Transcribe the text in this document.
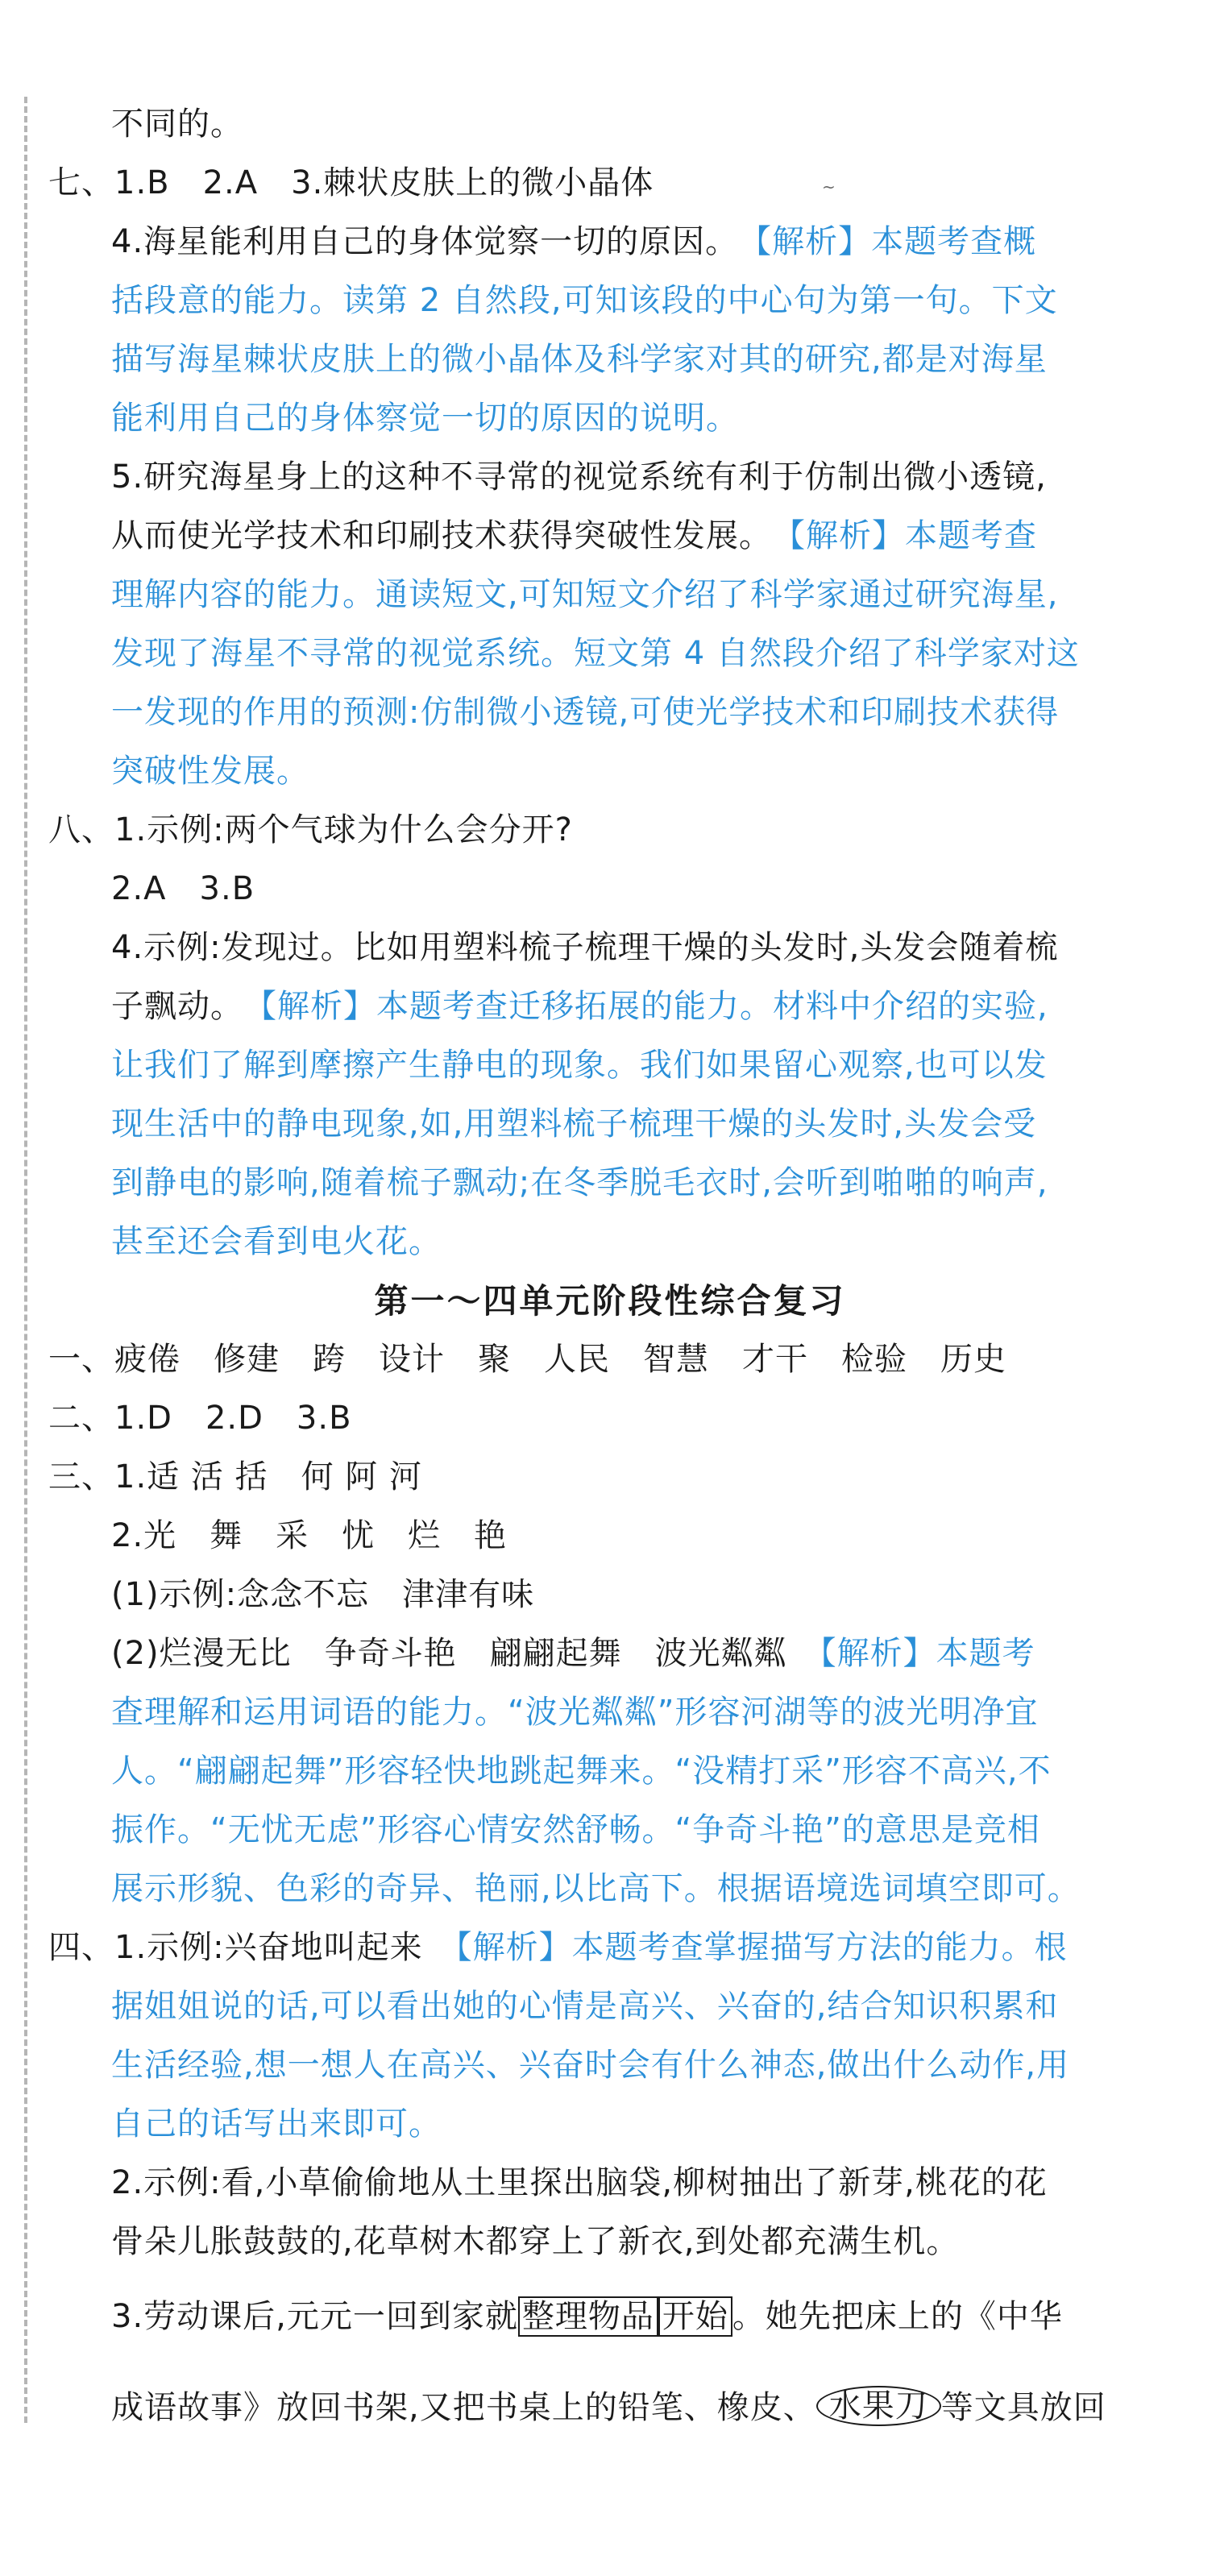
~
不同的。
七、1.B　2.A　3.棘状皮肤上的微小晶体
4.海星能利用自己的身体觉察一切的原因。　【解析】本题考查概
括段意的能力。读第 2 自然段,可知该段的中心句为第一句。下文
描写海星棘状皮肤上的微小晶体及科学家对其的研究,都是对海星
能利用自己的身体察觉一切的原因的说明。
5.研究海星身上的这种不寻常的视觉系统有利于仿制出微小透镜,
从而使光学技术和印刷技术获得突破性发展。　【解析】本题考查
理解内容的能力。通读短文,可知短文介绍了科学家通过研究海星,
发现了海星不寻常的视觉系统。短文第 4 自然段介绍了科学家对这
一发现的作用的预测:仿制微小透镜,可使光学技术和印刷技术获得
突破性发展。
八、1.示例:两个气球为什么会分开?
2.A　3.B
4.示例:发现过。比如用塑料梳子梳理干燥的头发时,头发会随着梳
子飘动。　【解析】本题考查迁移拓展的能力。材料中介绍的实验,
让我们了解到摩擦产生静电的现象。我们如果留心观察,也可以发
现生活中的静电现象,如,用塑料梳子梳理干燥的头发时,头发会受
到静电的影响,随着梳子飘动;在冬季脱毛衣时,会听到啪啪的响声,
甚至还会看到电火花。
第一～四单元阶段性综合复习
一、疲倦　修建　跨　设计　聚　人民　智慧　才干　检验　历史
二、1.D　2.D　3.B
三、1.适 活 括　何 阿 河
2.光　舞　采　忧　烂　艳
(1)示例:念念不忘　津津有味
(2)烂漫无比　争奇斗艳　翩翩起舞　波光粼粼　【解析】本题考
查理解和运用词语的能力。“波光粼粼”形容河湖等的波光明净宜
人。“翩翩起舞”形容轻快地跳起舞来。“没精打采”形容不高兴,不
振作。“无忧无虑”形容心情安然舒畅。“争奇斗艳”的意思是竞相
展示形貌、色彩的奇异、艳丽,以比高下。根据语境选词填空即可。
四、1.示例:兴奋地叫起来　【解析】本题考查掌握描写方法的能力。根
据姐姐说的话,可以看出她的心情是高兴、兴奋的,结合知识积累和
生活经验,想一想人在高兴、兴奋时会有什么神态,做出什么动作,用
自己的话写出来即可。
2.示例:看,小草偷偷地从土里探出脑袋,柳树抽出了新芽,桃花的花
骨朵儿胀鼓鼓的,花草树木都穿上了新衣,到处都充满生机。
3.劳动课后,元元一回到家就 整理物品 开始 。她先把床上的《中华
成语故事》放回书架,又把书桌上的铅笔、橡皮、 水果刀 等文具放回
